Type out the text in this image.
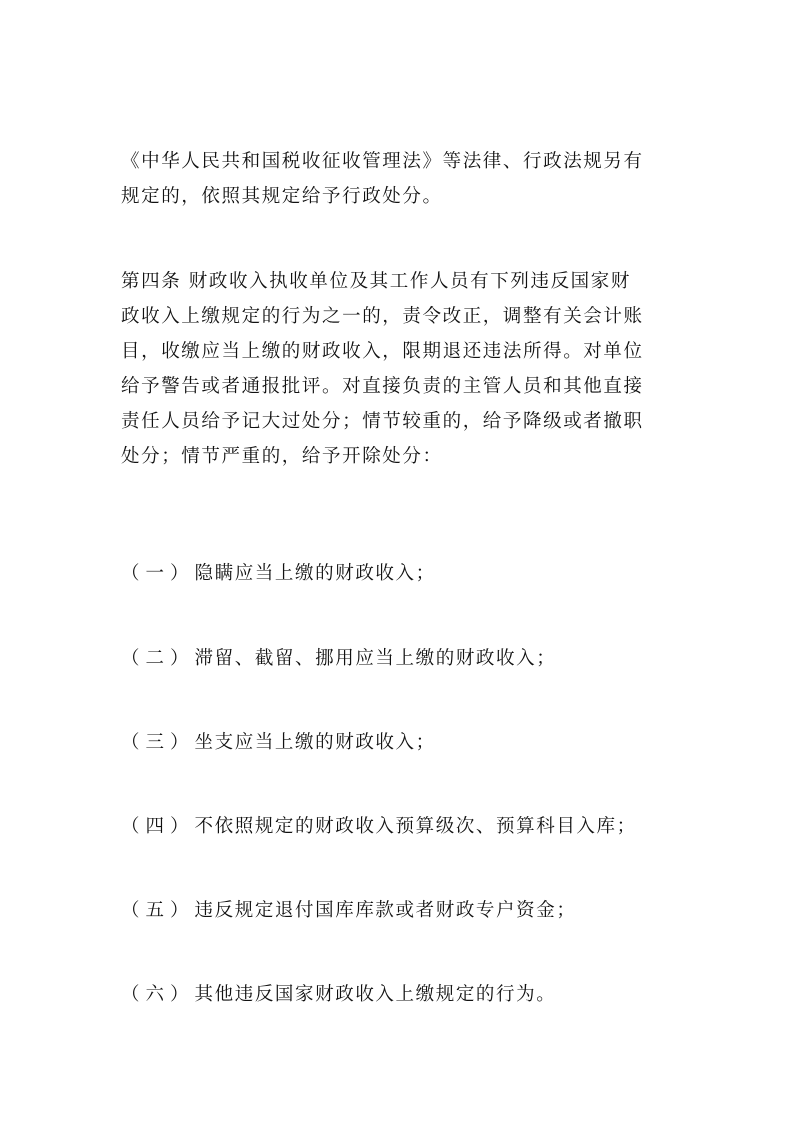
《中华人民共和国税收征收管理法》等法律、行政法规另有
规定的，依照其规定给予行政处分。
第四条 财政收入执收单位及其工作人员有下列违反国家财
政收入上缴规定的行为之一的，责令改正，调整有关会计账
目，收缴应当上缴的财政收入，限期退还违法所得。对单位
给予警告或者通报批评。对直接负责的主管人员和其他直接
责任人员给予记大过处分；情节较重的，给予降级或者撤职
处分；情节严重的，给予开除处分：
（一）隐瞒应当上缴的财政收入；
（二）滞留、截留、挪用应当上缴的财政收入；
（三）坐支应当上缴的财政收入；
（四）不依照规定的财政收入预算级次、预算科目入库；
（五）违反规定退付国库库款或者财政专户资金；
（六）其他违反国家财政收入上缴规定的行为。
